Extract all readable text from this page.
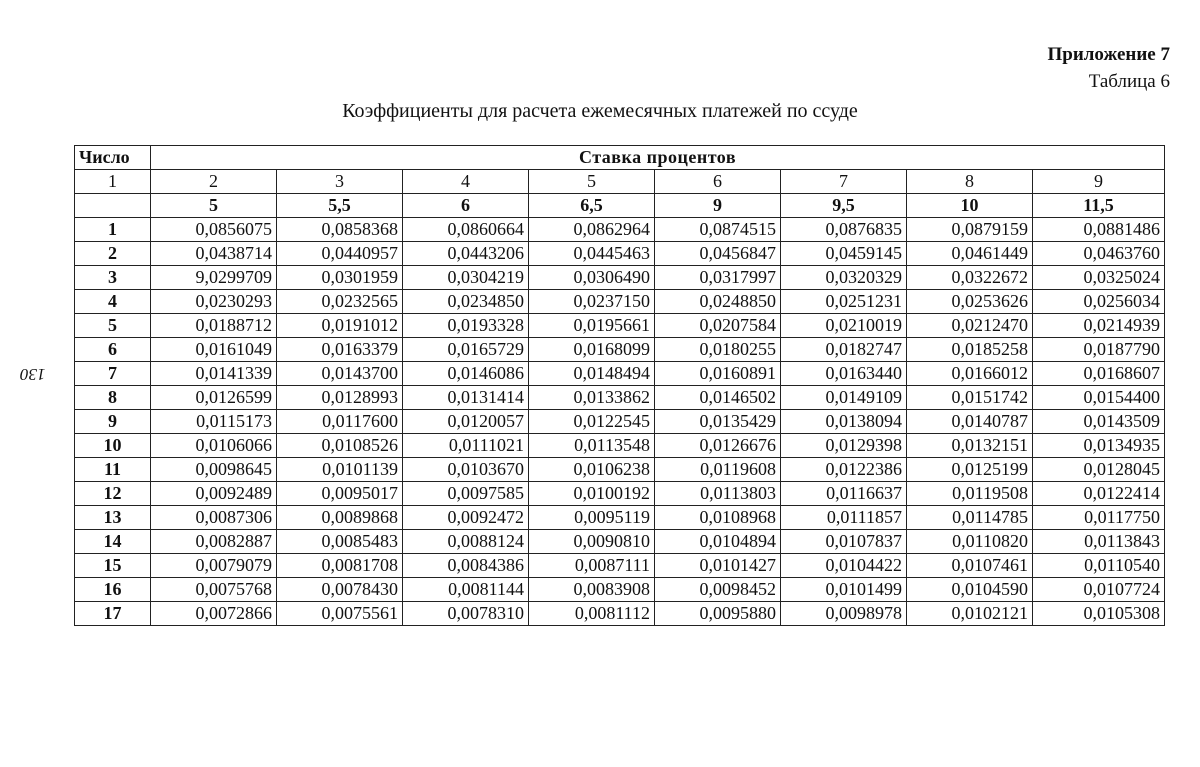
Приложение 7
Таблица 6
Коэффициенты для расчета ежемесячных платежей по ссуде
130
Число	Ставка процентов							
1	2	3	4	5	6	7	8	9
	5	5,5	6	6,5	9	9,5	10	11,5
1	0,0856075	0,0858368	0,0860664	0,0862964	0,0874515	0,0876835	0,0879159	0,0881486
2	0,0438714	0,0440957	0,0443206	0,0445463	0,0456847	0,0459145	0,0461449	0,0463760
3	9,0299709	0,0301959	0,0304219	0,0306490	0,0317997	0,0320329	0,0322672	0,0325024
4	0,0230293	0,0232565	0,0234850	0,0237150	0,0248850	0,0251231	0,0253626	0,0256034
5	0,0188712	0,0191012	0,0193328	0,0195661	0,0207584	0,0210019	0,0212470	0,0214939
6	0,0161049	0,0163379	0,0165729	0,0168099	0,0180255	0,0182747	0,0185258	0,0187790
7	0,0141339	0,0143700	0,0146086	0,0148494	0,0160891	0,0163440	0,0166012	0,0168607
8	0,0126599	0,0128993	0,0131414	0,0133862	0,0146502	0,0149109	0,0151742	0,0154400
9	0,0115173	0,0117600	0,0120057	0,0122545	0,0135429	0,0138094	0,0140787	0,0143509
10	0,0106066	0,0108526	0,0111021	0,0113548	0,0126676	0,0129398	0,0132151	0,0134935
11	0,0098645	0,0101139	0,0103670	0,0106238	0,0119608	0,0122386	0,0125199	0,0128045
12	0,0092489	0,0095017	0,0097585	0,0100192	0,0113803	0,0116637	0,0119508	0,0122414
13	0,0087306	0,0089868	0,0092472	0,0095119	0,0108968	0,0111857	0,0114785	0,0117750
14	0,0082887	0,0085483	0,0088124	0,0090810	0,0104894	0,0107837	0,0110820	0,0113843
15	0,0079079	0,0081708	0,0084386	0,0087111	0,0101427	0,0104422	0,0107461	0,0110540
16	0,0075768	0,0078430	0,0081144	0,0083908	0,0098452	0,0101499	0,0104590	0,0107724
17	0,0072866	0,0075561	0,0078310	0,0081112	0,0095880	0,0098978	0,0102121	0,0105308
